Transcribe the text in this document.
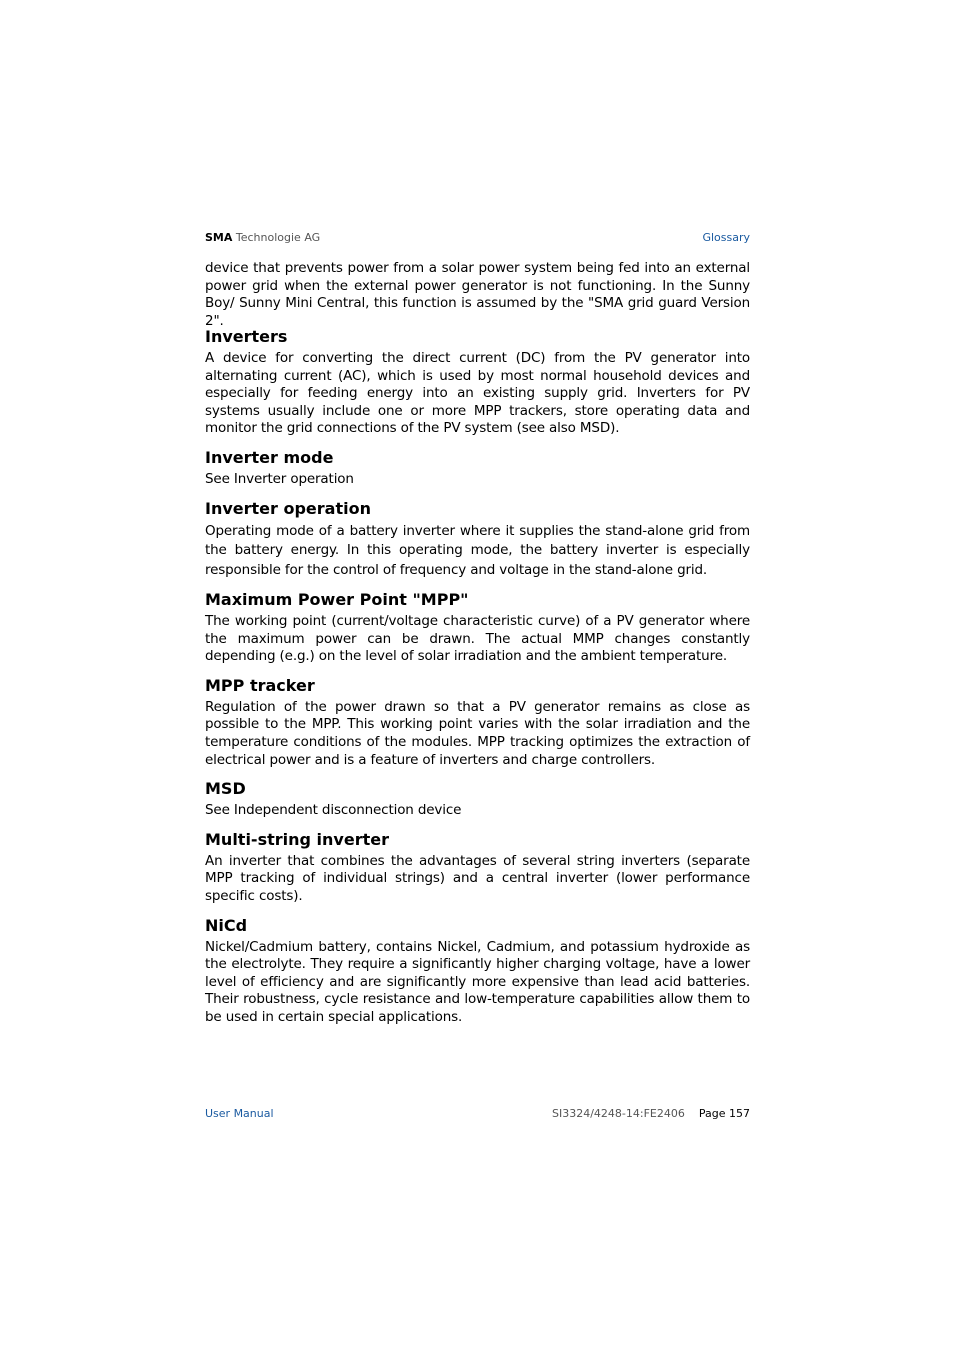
SMA Technologie AG	Glossary

device that prevents power from a solar power system being fed into an external power grid when the external power generator is not functioning. In the Sunny Boy/ Sunny Mini Central, this function is assumed by the "SMA grid guard Version 2".

Inverters

A device for converting the direct current (DC) from the PV generator into alternating current (AC), which is used by most normal household devices and especially for feeding energy into an existing supply grid. Inverters for PV systems usually include one or more MPP trackers, store operating data and monitor the grid connections of the PV system (see also MSD).

Inverter mode

See Inverter operation

Inverter operation

Operating mode of a battery inverter where it supplies the stand-alone grid from the battery energy. In this operating mode, the battery inverter is especially responsible for the control of frequency and voltage in the stand-alone grid.

Maximum Power Point "MPP"

The working point (current/voltage characteristic curve) of a PV generator where the maximum power can be drawn. The actual MMP changes constantly depending (e.g.) on the level of solar irradiation and the ambient temperature.

MPP tracker

Regulation of the power drawn so that a PV generator remains as close as possible to the MPP. This working point varies with the solar irradiation and the temperature conditions of the modules. MPP tracking optimizes the extraction of electrical power and is a feature of inverters and charge controllers.

MSD

See Independent disconnection device

Multi-string inverter

An inverter that combines the advantages of several string inverters (separate MPP tracking of individual strings) and a central inverter (lower performance specific costs).

NiCd

Nickel/Cadmium battery, contains Nickel, Cadmium, and potassium hydroxide as the electrolyte. They require a significantly higher charging voltage, have a lower level of efficiency and are significantly more expensive than lead acid batteries. Their robustness, cycle resistance and low-temperature capabilities allow them to be used in certain special applications.

User Manual	SI3324/4248-14:FE2406 Page 157
